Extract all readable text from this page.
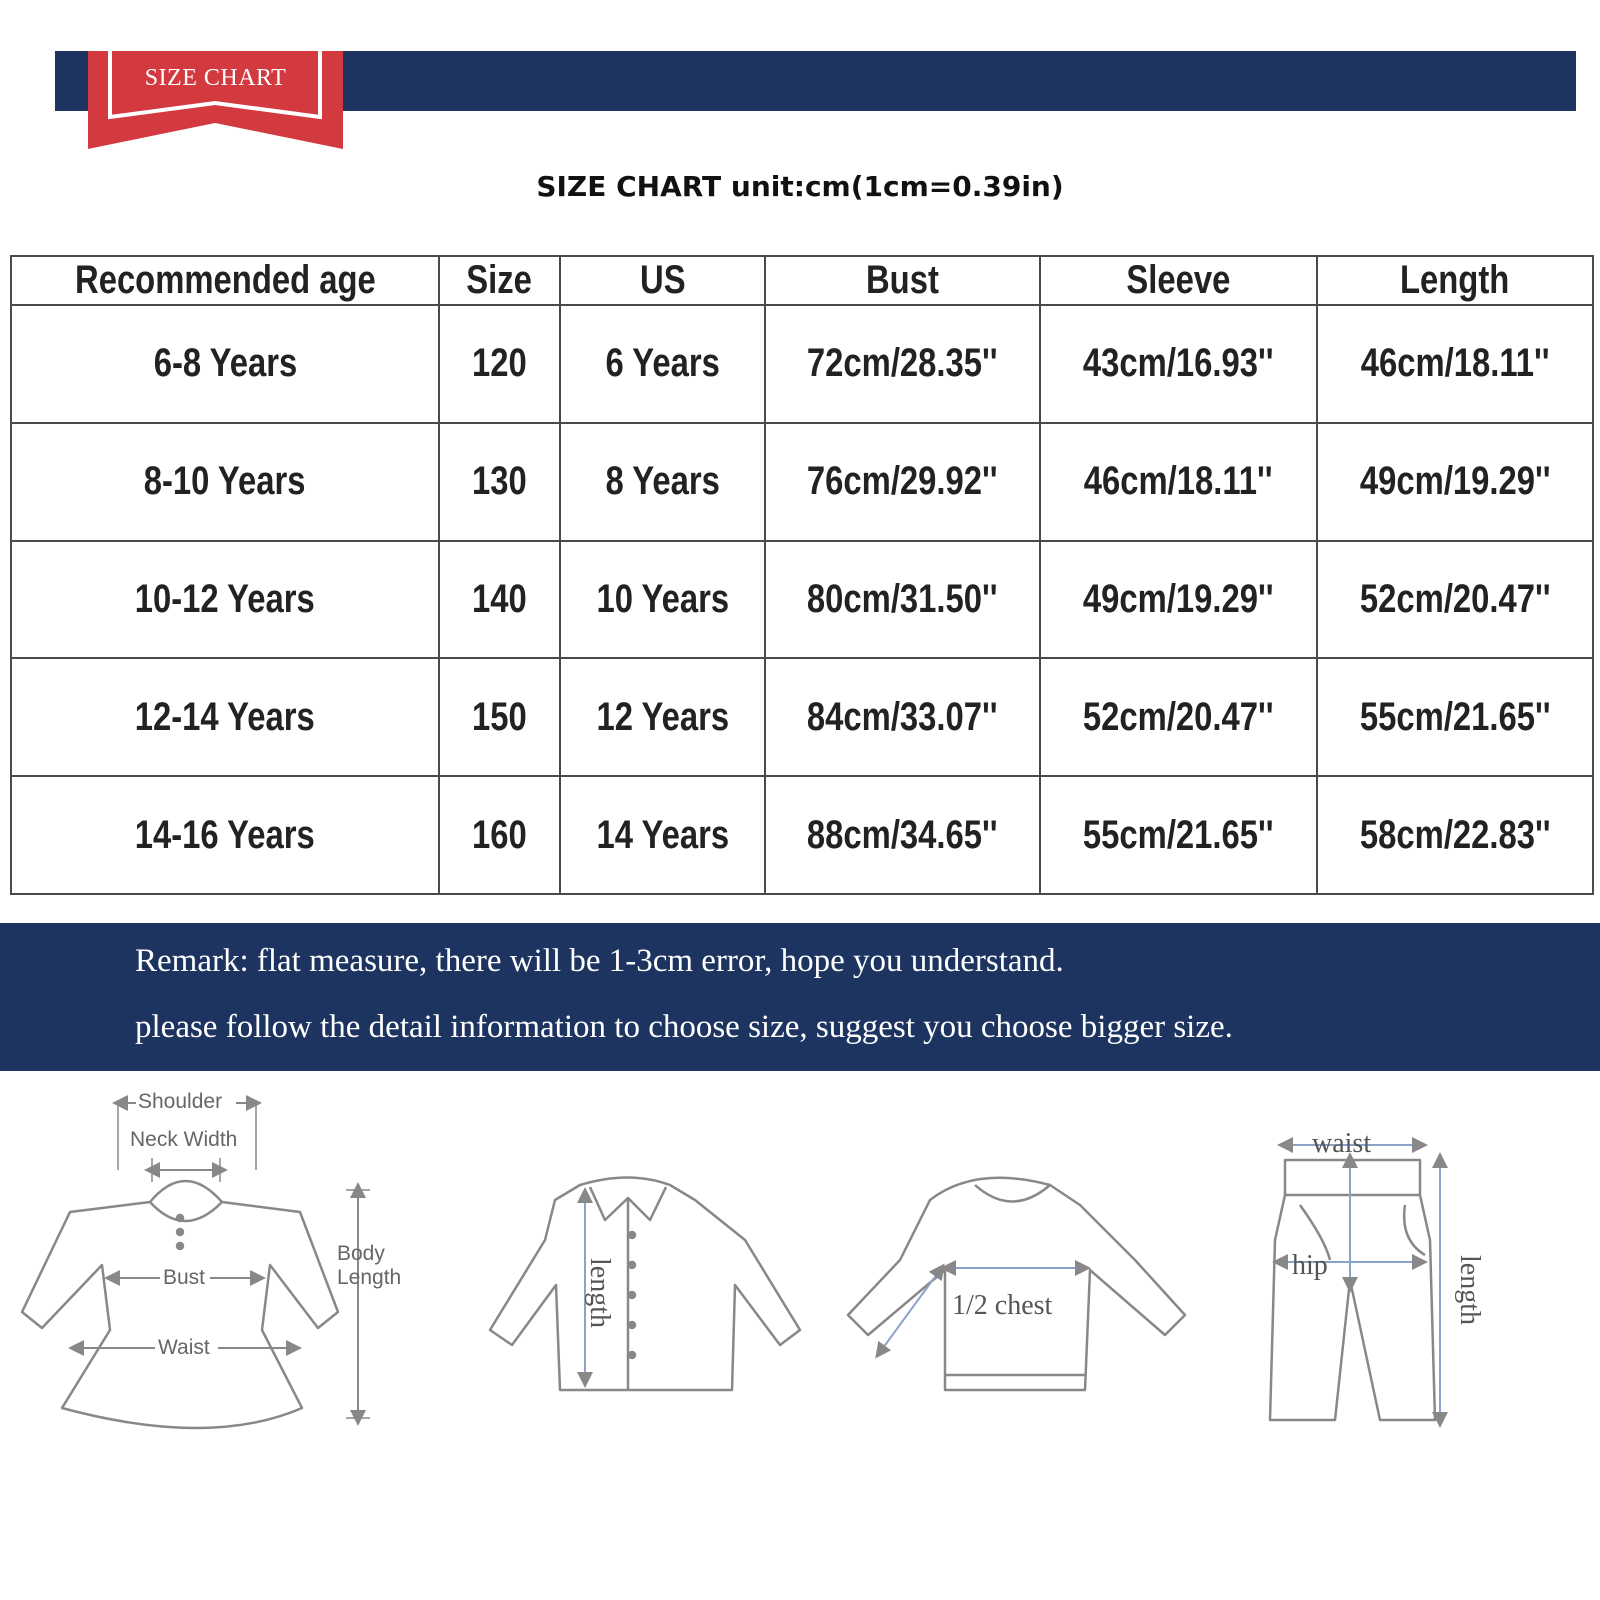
SIZE CHART
SIZE CHART unit:cm(1cm=0.39in)
Recommended age	Size	US	Bust	Sleeve	Length
6-8 Years	120	6 Years	72cm/28.35''	43cm/16.93''	46cm/18.11''
8-10 Years	130	8 Years	76cm/29.92''	46cm/18.11''	49cm/19.29''
10-12 Years	140	10 Years	80cm/31.50''	49cm/19.29''	52cm/20.47''
12-14 Years	150	12 Years	84cm/33.07''	52cm/20.47''	55cm/21.65''
14-16 Years	160	14 Years	88cm/34.65''	55cm/21.65''	58cm/22.83''
Remark: flat measure, there will be 1-3cm error, hope you understand.
please follow the detail information to choose size, suggest you choose bigger size.
Shoulder
Neck Width
Bust
Waist
Body
Length	length	1/2 chest
waist
hip	length
